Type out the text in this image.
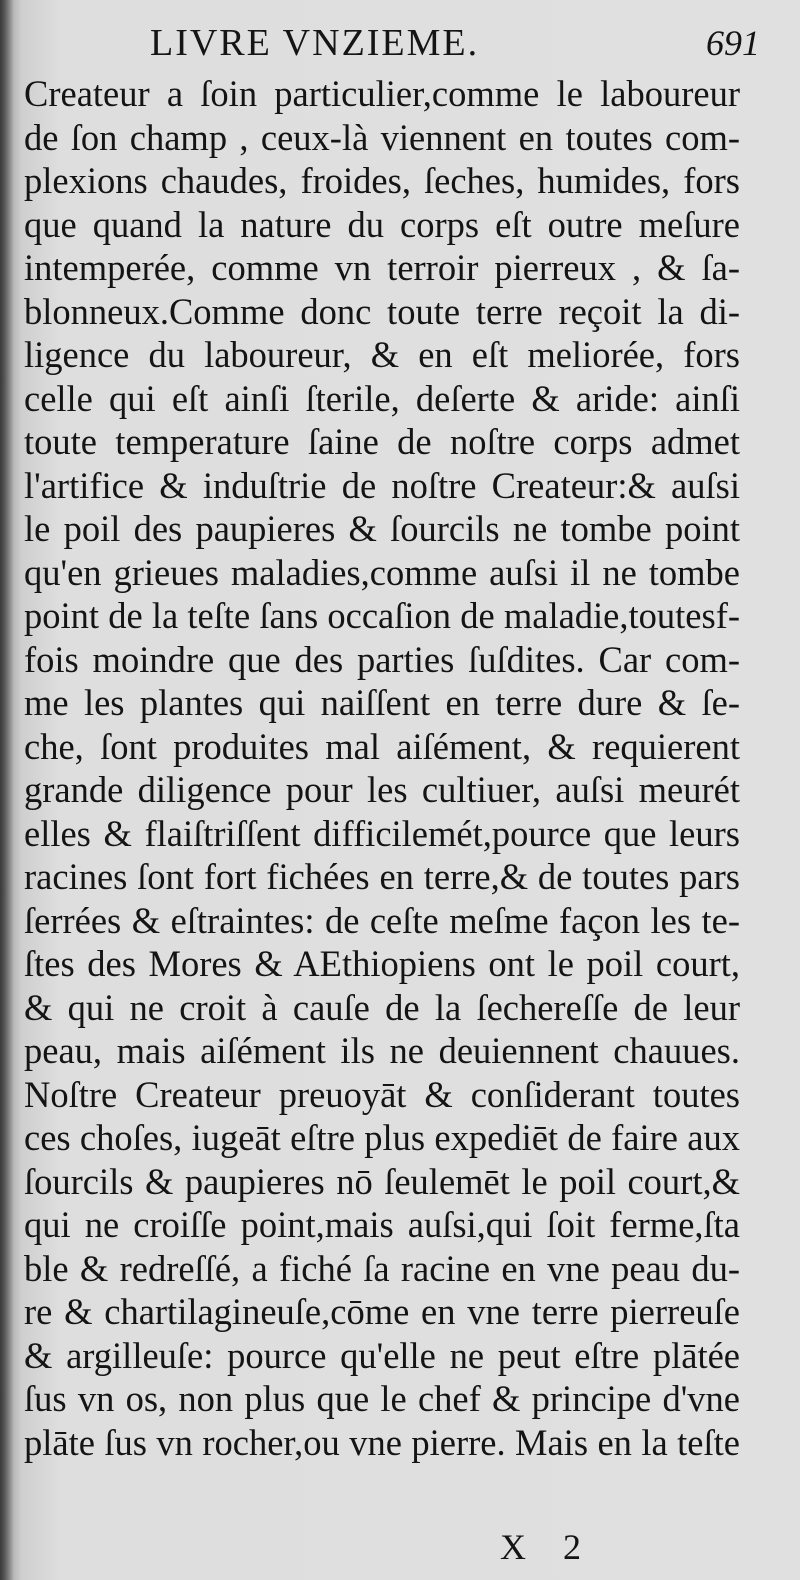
LIVRE VNZIEME.	691
Createur a ſoin particulier,comme le laboureur
de ſon champ , ceux-là viennent en toutes com-
plexions chaudes, froides, ſeches, humides, fors
que quand la nature du corps eſt outre meſure
intemperée, comme vn terroir pierreux , & ſa-
blonneux.Comme donc toute terre reçoit la di-
ligence du laboureur, & en eſt meliorée, fors
celle qui eſt ainſi ſterile, deſerte & aride: ainſi
toute temperature ſaine de noſtre corps admet
l'artifice & induſtrie de noſtre Createur:& auſsi
le poil des paupieres & ſourcils ne tombe point
qu'en grieues maladies,comme auſsi il ne tombe
point de la teſte ſans occaſion de maladie,toutesf-
fois moindre que des parties ſuſdites. Car com-
me les plantes qui naiſſent en terre dure & ſe-
che, ſont produites mal aiſément, & requierent
grande diligence pour les cultiuer, auſsi meurét
elles & flaiſtriſſent difficilemét,pource que leurs
racines ſont fort fichées en terre,& de toutes pars
ſerrées & eſtraintes: de ceſte meſme façon les te-
ſtes des Mores & AEthiopiens ont le poil court,
& qui ne croit à cauſe de la ſechereſſe de leur
peau, mais aiſément ils ne deuiennent chauues.
Noſtre Createur preuoyāt & conſiderant toutes
ces choſes, iugeāt eſtre plus expediēt de faire aux
ſourcils & paupieres nō ſeulemēt le poil court,&
qui ne croiſſe point,mais auſsi,qui ſoit ferme,ſta
ble & redreſſé, a fiché ſa racine en vne peau du-
re & chartilagineuſe,cōme en vne terre pierreuſe
& argilleuſe: pource qu'elle ne peut eſtre plātée
ſus vn os, non plus que le chef & principe d'vne
plāte ſus vn rocher,ou vne pierre. Mais en la teſte
X 2
